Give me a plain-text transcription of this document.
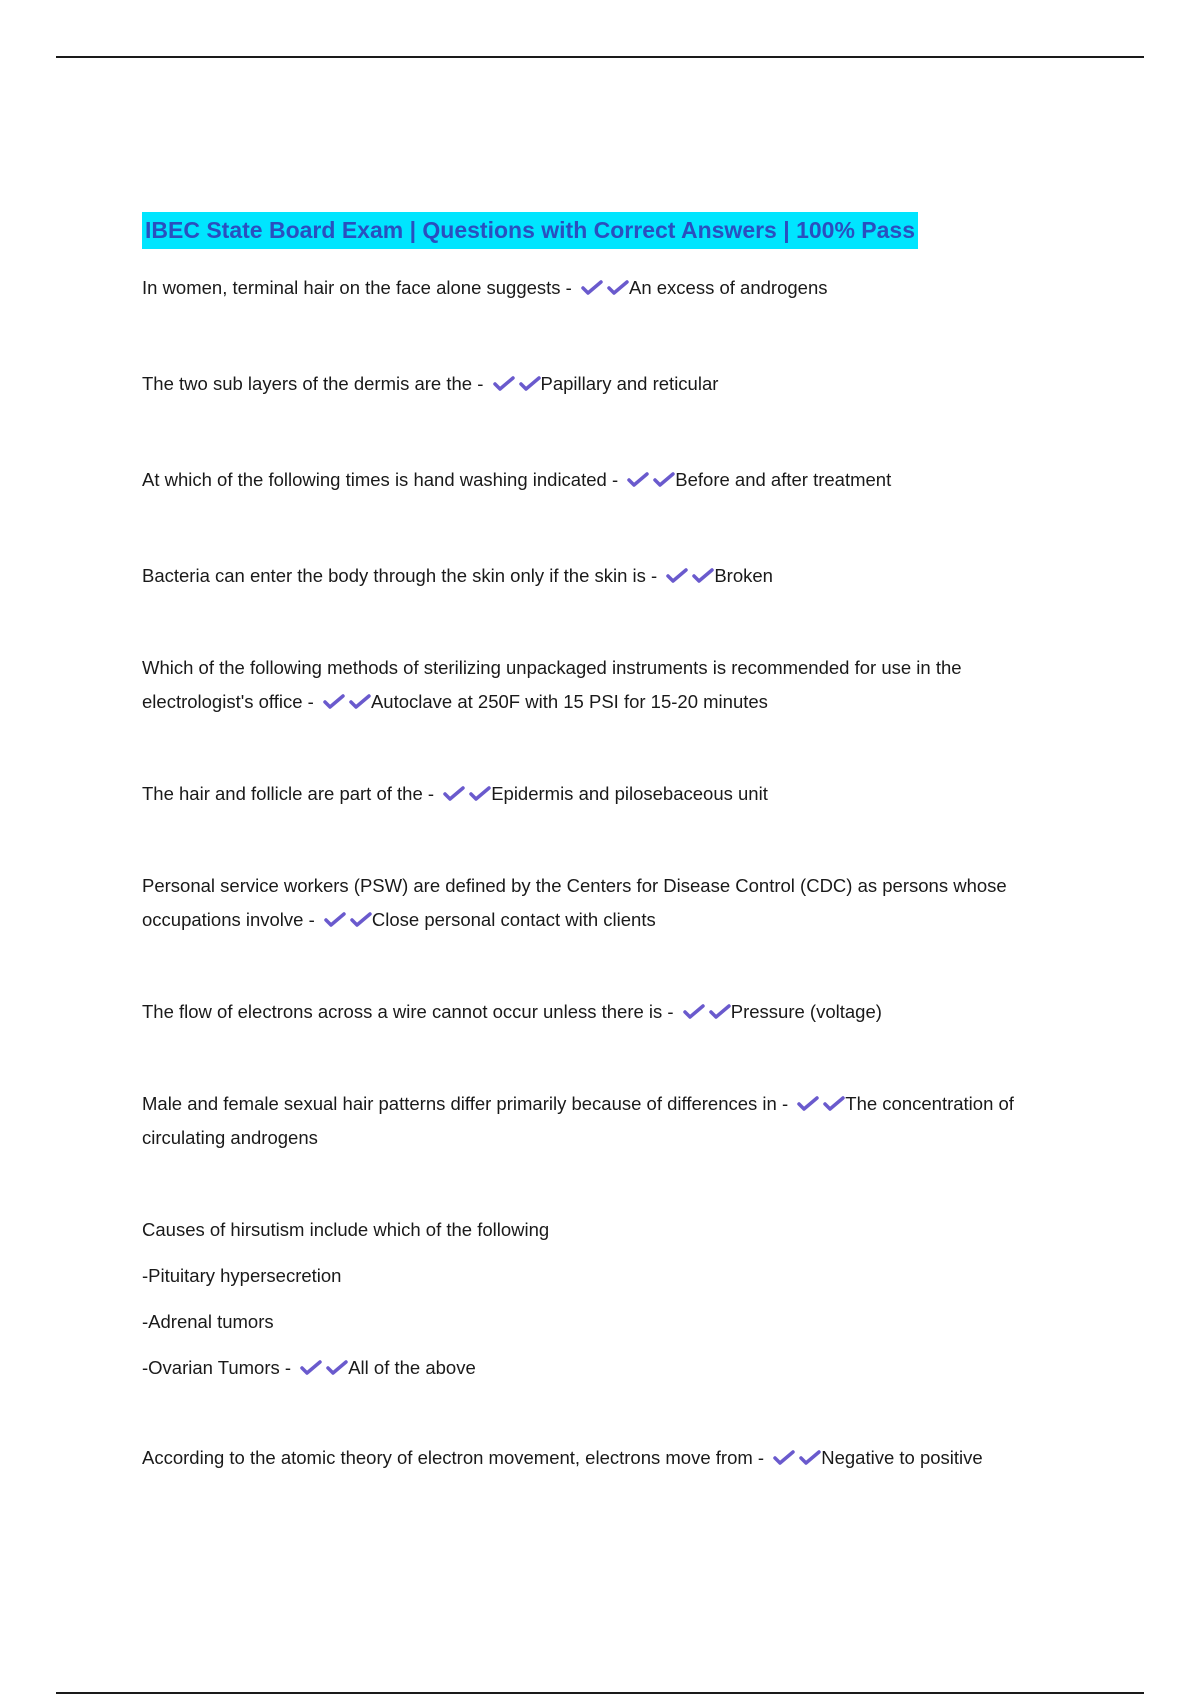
IBEC State Board Exam | Questions with Correct Answers | 100% Pass

In women, terminal hair on the face alone suggests -	An excess of androgens

The two sub layers of the dermis are the -	Papillary and reticular

At which of the following times is hand washing indicated -	Before and after treatment

Bacteria can enter the body through the skin only if the skin is -	Broken

Which of the following methods of sterilizing unpackaged instruments is recommended for use in the electrologist's office -	Autoclave at 250F with 15 PSI for 15-20 minutes

The hair and follicle are part of the -	Epidermis and pilosebaceous unit

Personal service workers (PSW) are defined by the Centers for Disease Control (CDC) as persons whose occupations involve -	Close personal contact with clients

The flow of electrons across a wire cannot occur unless there is -	Pressure (voltage)

Male and female sexual hair patterns differ primarily because of differences in -	The concentration of circulating androgens

Causes of hirsutism include which of the following

-Pituitary hypersecretion

-Adrenal tumors

-Ovarian Tumors -	All of the above

According to the atomic theory of electron movement, electrons move from -	Negative to positive
